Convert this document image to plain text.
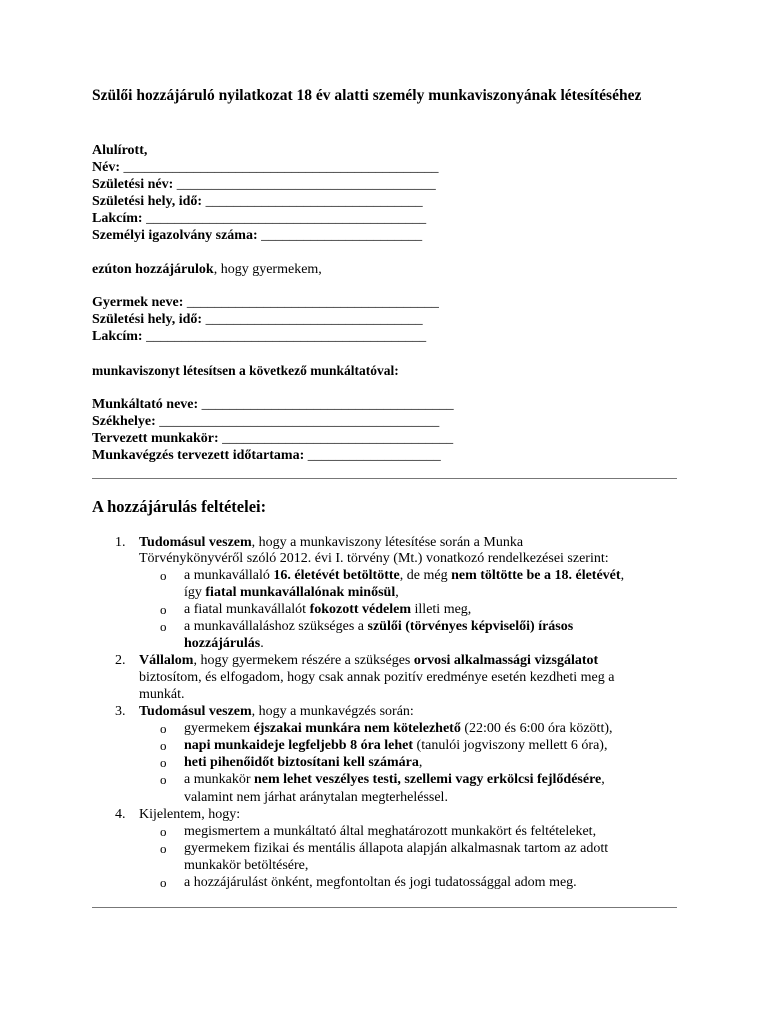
Szülői hozzájáruló nyilatkozat 18 év alatti személy munkaviszonyának létesítéséhez
Alulírott,
Név: _____________________________________________
Születési név: _____________________________________
Születési hely, idő: _______________________________
Lakcím: ________________________________________
Személyi igazolvány száma: _______________________
ezúton hozzájárulok, hogy gyermekem,
Gyermek neve: ____________________________________
Születési hely, idő: _______________________________
Lakcím: ________________________________________
munkaviszonyt létesítsen a következő munkáltatóval:
Munkáltató neve: ____________________________________
Székhelye: ________________________________________
Tervezett munkakör: _________________________________
Munkavégzés tervezett időtartama: ___________________
A hozzájárulás feltételei:
1. Tudomásul veszem, hogy a munkaviszony létesítése során a Munka
Törvénykönyvéről szóló 2012. évi I. törvény (Mt.) vonatkozó rendelkezései szerint:
o a munkavállaló 16. életévét betöltötte, de még nem töltötte be a 18. életévét,
így fiatal munkavállalónak minősül,
o a fiatal munkavállalót fokozott védelem illeti meg,
o a munkavállaláshoz szükséges a szülői (törvényes képviselői) írásos
hozzájárulás.
2. Vállalom, hogy gyermekem részére a szükséges orvosi alkalmassági vizsgálatot
biztosítom, és elfogadom, hogy csak annak pozitív eredménye esetén kezdheti meg a
munkát.
3. Tudomásul veszem, hogy a munkavégzés során:
o gyermekem éjszakai munkára nem kötelezhető (22:00 és 6:00 óra között),
o napi munkaideje legfeljebb 8 óra lehet (tanulói jogviszony mellett 6 óra),
o heti pihenőidőt biztosítani kell számára,
o a munkakör nem lehet veszélyes testi, szellemi vagy erkölcsi fejlődésére,
valamint nem járhat aránytalan megterheléssel.
4. Kijelentem, hogy:
o megismertem a munkáltató által meghatározott munkakört és feltételeket,
o gyermekem fizikai és mentális állapota alapján alkalmasnak tartom az adott
munkakör betöltésére,
o a hozzájárulást önként, megfontoltan és jogi tudatossággal adom meg.
